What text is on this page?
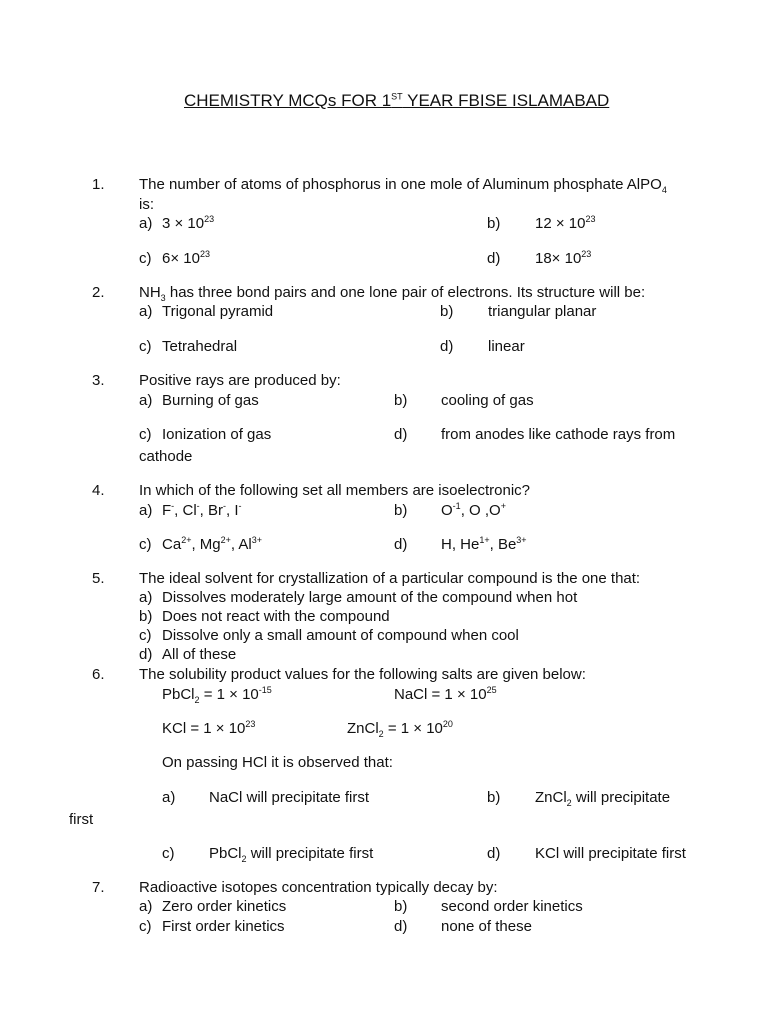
CHEMISTRY MCQs FOR 1ST YEAR FBISE ISLAMABAD
1. The number of atoms of phosphorus in one mole of Aluminum phosphate AlPO$_4$
is:
a) $3 \times 10^{23}$	b) $12 \times 10^{23}$
c) $6\times 10^{23}$	d) $18\times 10^{23}$
2. $NH_3$ has three bond pairs and one lone pair of electrons. Its structure will be:
a) Trigonal pyramid	b) triangular planar
c) Tetrahedral	d) linear
3. Positive rays are produced by:
a) Burning of gas	b) cooling of gas
c) Ionization of gas	d) from anodes like cathode rays from
cathode
4. In which of the following set all members are isoelectronic?
a) F-, Cl-, Br-, I-	b) $O^{-1}$, O ,O+
c) $Ca^{2+}$, $Mg^{2+}$, $Al^{3+}$	d) H, $He^{1+}$, $Be^{3+}$
5. The ideal solvent for crystallization of a particular compound is the one that:
a) Dissolves moderately large amount of the compound when hot
b) Does not react with the compound
c) Dissolve only a small amount of compound when cool
d) All of these
6. The solubility product values for the following salts are given below:
PbCl$_2$ = $1 \times 10^{-15}$	NaCl = $1 \times 10^{25}$
KCl = $1 \times 10^{23}$	ZnCl$_2$ = $1 \times 10^{20}$
On passing HCl it is observed that:
a) NaCl will precipitate first	b) ZnCl$_2$ will precipitate
first
c) PbCl$_2$ will precipitate first	d) KCl will precipitate first
7. Radioactive isotopes concentration typically decay by:
a) Zero order kinetics	b) second order kinetics
c) First order kinetics	d) none of these
